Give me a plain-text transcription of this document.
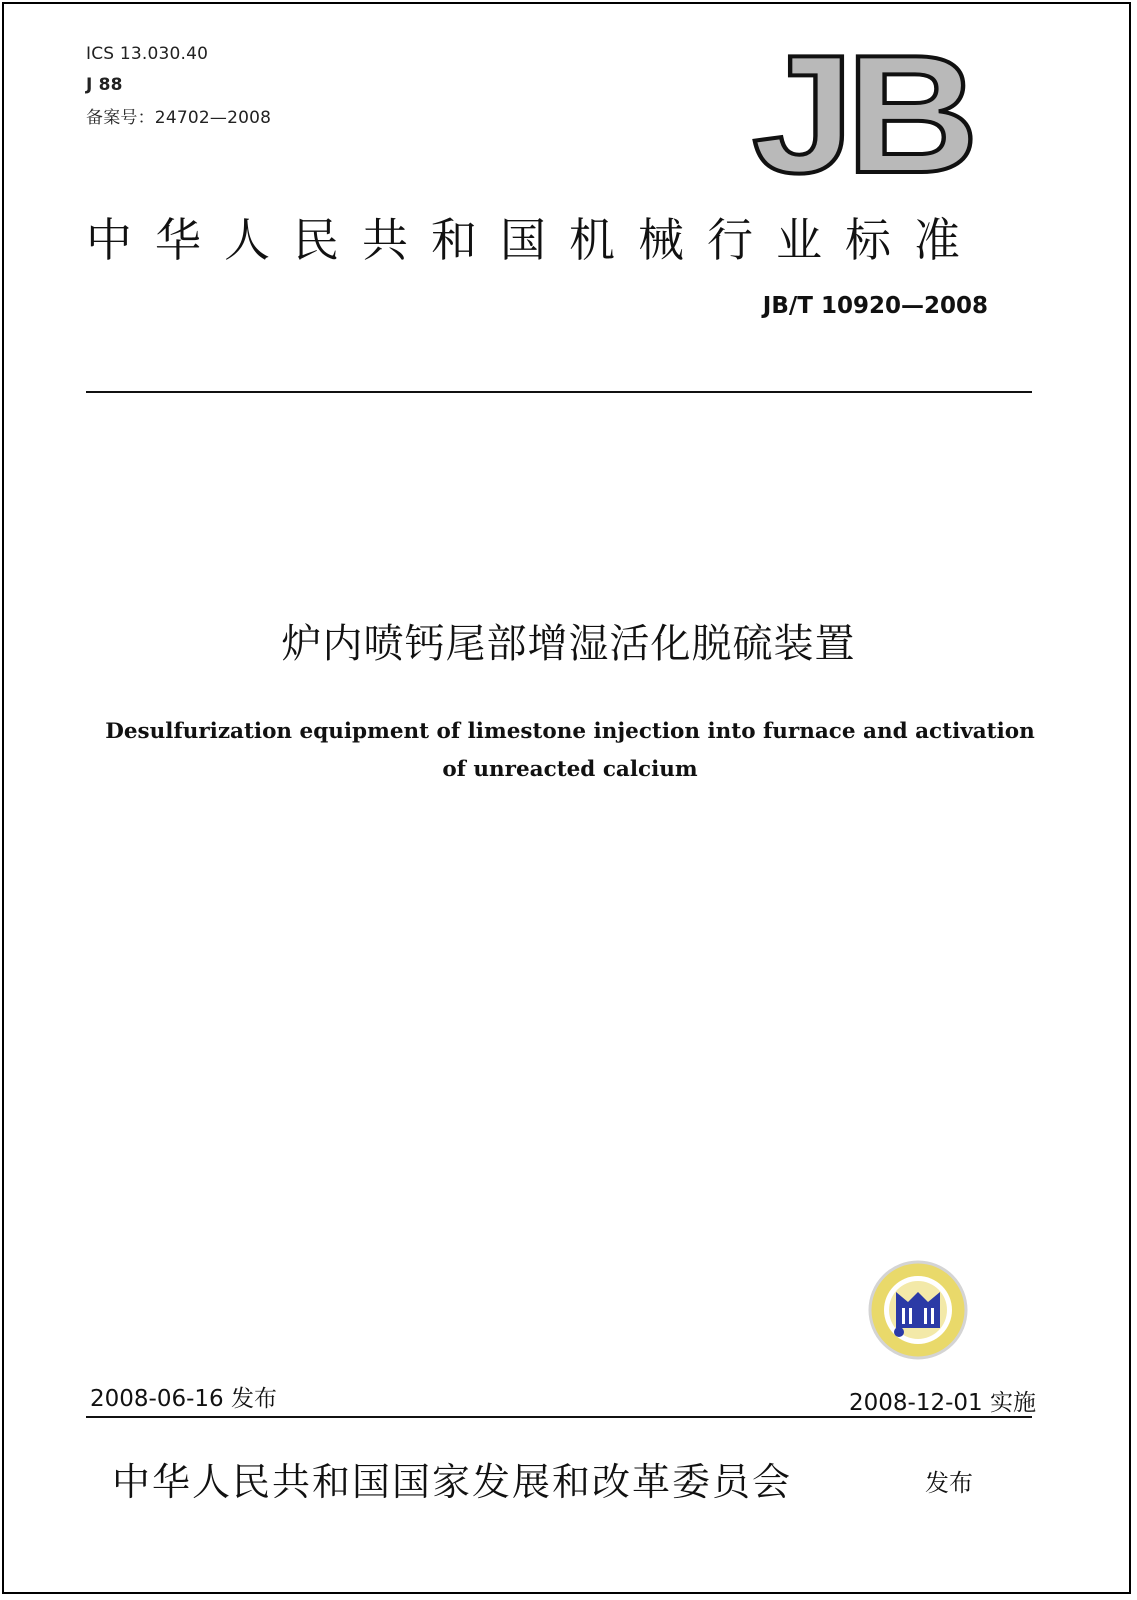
ICS 13.030.40
J 88
备案号：24702—2008	JB
中华人民共和国机械行业标准
JB/T 10920—2008
炉内喷钙尾部增湿活化脱硫装置
Desulfurization equipment of limestone injection into furnace and activation
of unreacted calcium
2008-06-16 发布	2008-12-01 实施
中华人民共和国国家发展和改革委员会	发布
